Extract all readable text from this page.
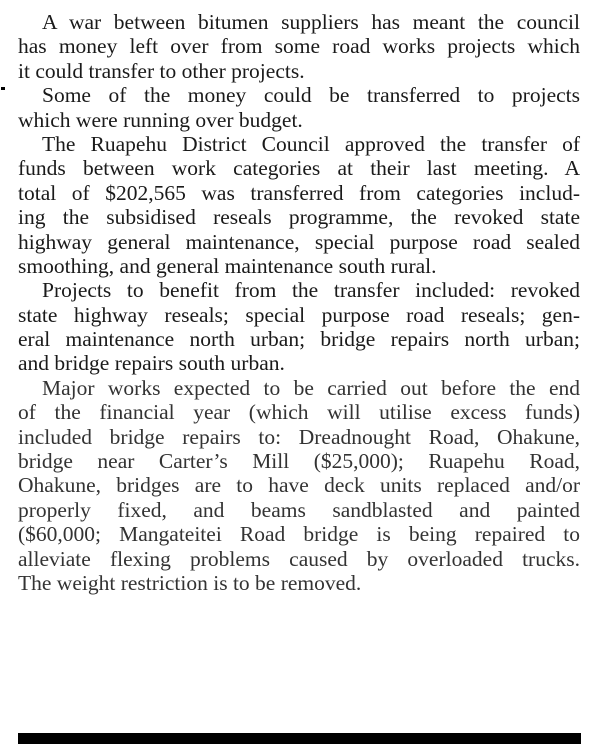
A war between bitumen suppliers has meant the council
has money left over from some road works projects which
it could transfer to other projects.

Some of the money could be transferred to projects
which were running over budget.

The Ruapehu District Council approved the transfer of
funds between work categories at their last meeting. A
total of $202,565 was transferred from categories includ-
ing the subsidised reseals programme, the revoked state
highway general maintenance, special purpose road sealed
smoothing, and general maintenance south rural.

Projects to benefit from the transfer included: revoked
state highway reseals; special purpose road reseals; gen-
eral maintenance north urban; bridge repairs north urban;
and bridge repairs south urban.

Major works expected to be carried out before the end
of the financial year (which will utilise excess funds)
included bridge repairs to: Dreadnought Road, Ohakune,
bridge near Carter’s Mill ($25,000); Ruapehu Road,
Ohakune, bridges are to have deck units replaced and/or
properly fixed, and beams sandblasted and painted
($60,000; Mangateitei Road bridge is being repaired to
alleviate flexing problems caused by overloaded trucks.
The weight restriction is to be removed.
